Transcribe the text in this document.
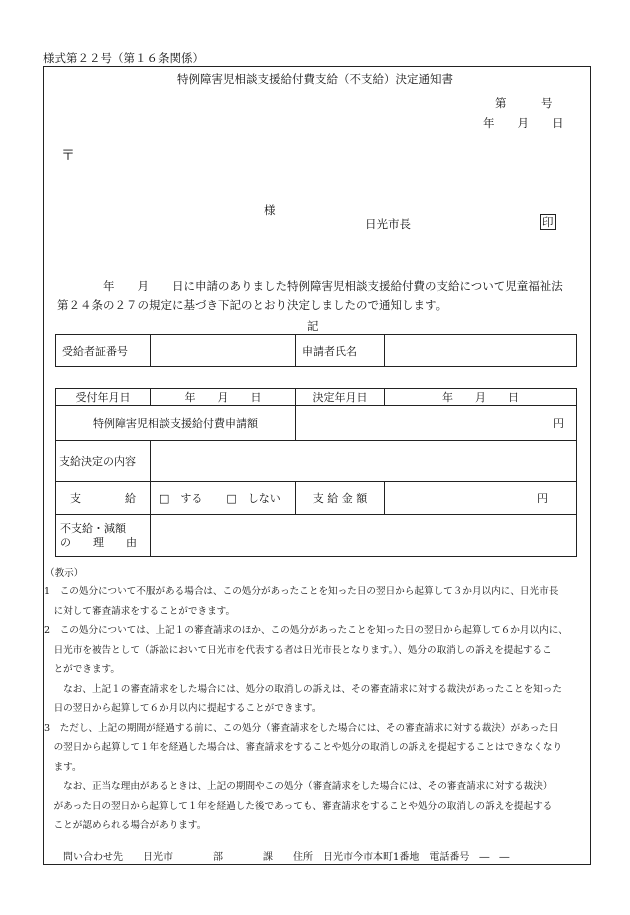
様式第２２号（第１６条関係）
特例障害児相談支援給付費支給（不支給）決定通知書
第　　　号
年　　月　　日
〒
様
日光市長	印
年　　月　　日に申請のありました特例障害児相談支援給付費の支給について児童福祉法
第２４条の２７の規定に基づき下記のとおり決定しましたので通知します。
記
受給者証番号		申請者氏名	
受付年月日	年　　月　　日	決定年月日	年　　月　　日
特例障害児相談支援給付費申請額		円	
支給決定の内容			
支　　　　給	□　する □　しない	支 給 金 額	円

不支給・減額
の　　理　　由			

（教示）

1　この処分について不服がある場合は、この処分があったことを知った日の翌日から起算して３か月以内に、日光市長

　に対して審査請求をすることができます。

2　この処分については、上記１の審査請求のほか、この処分があったことを知った日の翌日から起算して６か月以内に、

　日光市を被告として（訴訟において日光市を代表する者は日光市長となります。）、処分の取消しの訴えを提起するこ

　とができます。

　　なお、上記１の審査請求をした場合には、処分の取消しの訴えは、その審査請求に対する裁決があったことを知った

　日の翌日から起算して６か月以内に提起することができます。

3　ただし、上記の期間が経過する前に、この処分（審査請求をした場合には、その審査請求に対する裁決）があった日

　の翌日から起算して１年を経過した場合は、審査請求をすることや処分の取消しの訴えを提起することはできなくなり

　ます。

　　なお、正当な理由があるときは、上記の期間やこの処分（審査請求をした場合には、その審査請求に対する裁決）

　があった日の翌日から起算して１年を経過した後であっても、審査請求をすることや処分の取消しの訴えを提起する

　ことが認められる場合があります。

問い合わせ先　　日光市　　　　部　　　　課　　住所　日光市今市本町1番地　電話番号　―　―
